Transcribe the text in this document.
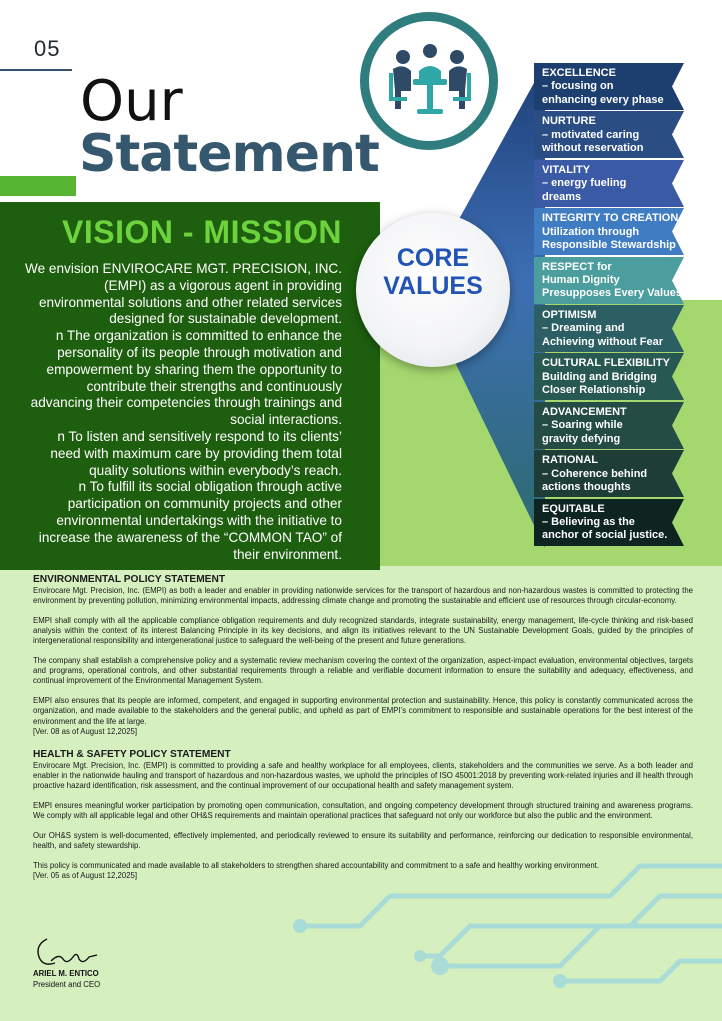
05
Our
Statement
VISION - MISSION
We envision ENVIROCARE MGT. PRECISION, INC. (EMPI) as a vigorous agent in providing environmental solutions and other related services designed for sustainable development.
n The organization is committed to enhance the personality of its people through motivation and empowerment by sharing them the opportunity to contribute their strengths and continuously advancing their competencies through trainings and social interactions.
n To listen and sensitively respond to its clients’ need with maximum care by providing them total quality solutions within everybody’s reach.
n To fulfill its social obligation through active participation on community projects and other environmental undertakings with the initiative to increase the awareness of the “COMMON TAO” of their environment.
CORE
VALUES
EXCELLENCE
– focusing on
enhancing every phase
NURTURE
– motivated caring
without reservation
VITALITY
– energy fueling
dreams
INTEGRITY TO CREATION
Utilization through
Responsible Stewardship
RESPECT for
Human Dignity
Presupposes Every Values
OPTIMISM
– Dreaming and
Achieving without Fear
CULTURAL FLEXIBILITY
Building and Bridging
Closer Relationship
ADVANCEMENT
– Soaring while
gravity defying
RATIONAL
– Coherence behind
actions thoughts
EQUITABLE
– Believing as the
anchor of social justice.
ENVIRONMENTAL POLICY STATEMENT

Envirocare Mgt. Precision, Inc. (EMPI) as both a leader and enabler in providing nationwide services for the transport of hazardous and non-hazardous wastes is committed to protecting the environment by preventing pollution, minimizing environmental impacts, addressing climate change and promoting the sustainable and efficient use of resources through circular-economy.

EMPI shall comply with all the applicable compliance obligation requirements and duly recognized standards, integrate sustainability, energy management, life-cycle thinking and risk-based analysis within the context of its interest Balancing Principle in its key decisions, and align its initiatives relevant to the UN Sustainable Development Goals, guided by the principles of intergenerational responsibility and intergenerational justice to safeguard the well-being of the present and future generations.

The company shall establish a comprehensive policy and a systematic review mechanism covering the context of the organization, aspect-impact evaluation, environmental objectives, targets and programs, operational controls, and other substantial requirements through a reliable and verifiable document information to ensure the suitability and adequacy, effectiveness, and continual improvement of the Environmental Management System.

EMPI also ensures that its people are informed, competent, and engaged in supporting environmental protection and sustainability. Hence, this policy is constantly communicated across the organization, and made available to the stakeholders and the general public, and upheld as part of EMPI’s commitment to responsible and sustainable operations for the best interest of the environment and the life at large.

[Ver. 08 as of August 12,2025]
HEALTH & SAFETY POLICY STATEMENT

Envirocare Mgt. Precision, Inc. (EMPI) is committed to providing a safe and healthy workplace for all employees, clients, stakeholders and the communities we serve. As a both leader and enabler in the nationwide hauling and transport of hazardous and non-hazardous wastes, we uphold the principles of ISO 45001:2018 by preventing work-related injuries and ill health through proactive hazard identification, risk assessment, and the continual improvement of our occupational health and safety management system.

EMPI ensures meaningful worker participation by promoting open communication, consultation, and ongoing competency development through structured training and awareness programs. We comply with all applicable legal and other OH&S requirements and maintain operational practices that safeguard not only our workforce but also the public and the environment.

Our OH&S system is well-documented, effectively implemented, and periodically reviewed to ensure its suitability and performance, reinforcing our dedication to responsible environmental, health, and safety stewardship.

This policy is communicated and made available to all stakeholders to strengthen shared accountability and commitment to a safe and healthy working environment.

[Ver. 05 as of August 12,2025]
ARIEL M. ENTICO
President and CEO
